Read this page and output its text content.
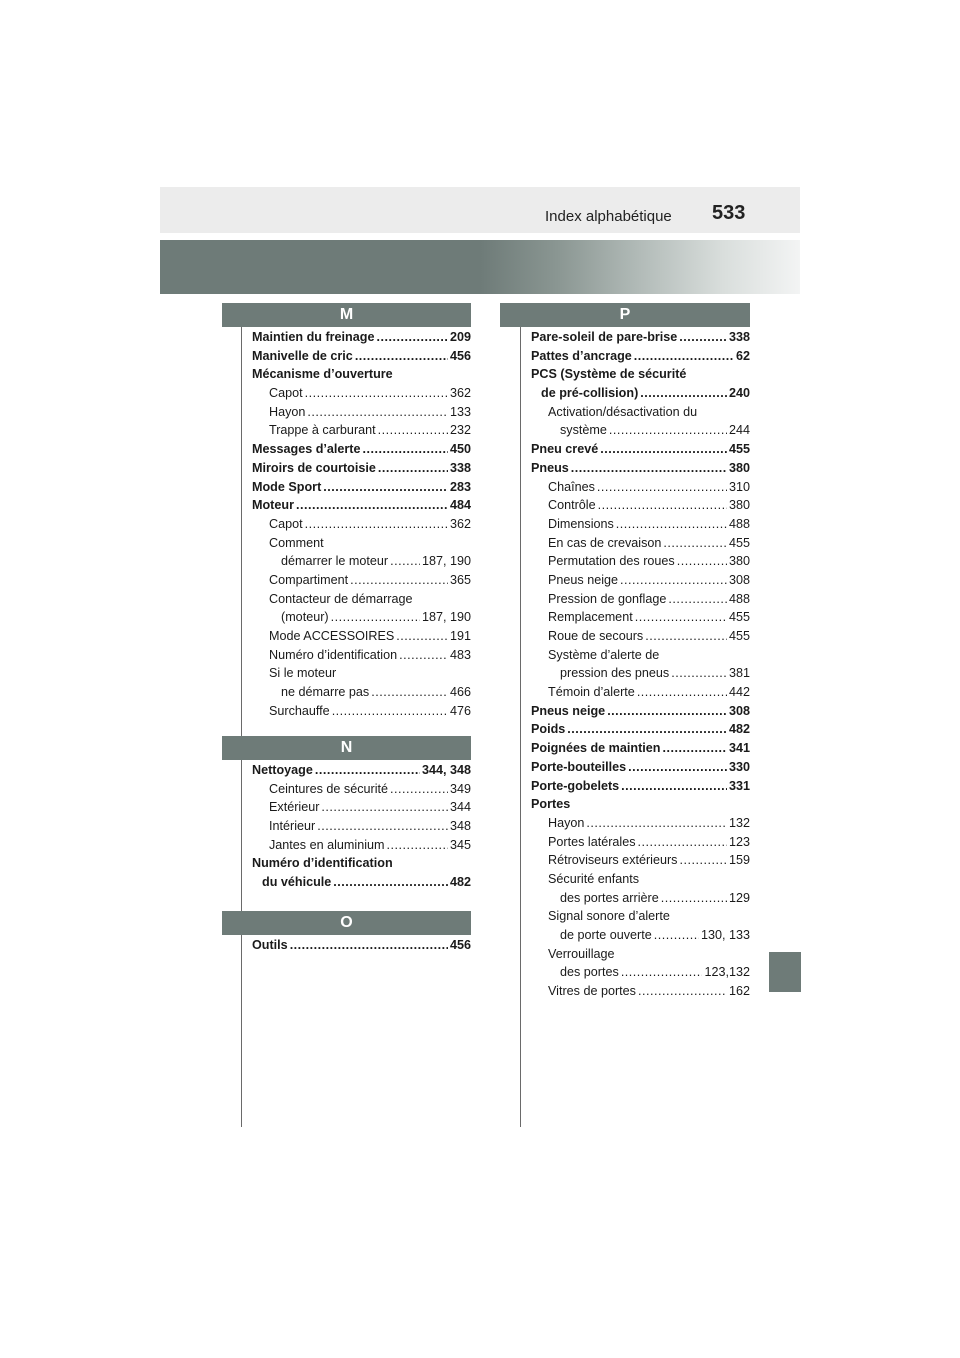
Index alphabétique 533
M
Maintien du freinage .....	209
Manivelle de cric .....	456
Mécanisme d’ouverture
Capot .....	362
Hayon .....	133
Trappe à carburant .....	232
Messages d’alerte .....	450
Miroirs de courtoisie .....	338
Mode Sport .....	283
Moteur .....	484
Capot .....	362
Comment
démarrer le moteur .....	187, 190
Compartiment .....	365
Contacteur de démarrage
(moteur) .....	187, 190
Mode ACCESSOIRES .....	191
Numéro d’identification .....	483
Si le moteur
ne démarre pas .....	466
Surchauffe .....	476
N
Nettoyage .....	344, 348
Ceintures de sécurité .....	349
Extérieur .....	344
Intérieur .....	348
Jantes en aluminium .....	345
Numéro d’identification
du véhicule .....	482
O
Outils .....	456
P
Pare-soleil de pare-brise .....	338
Pattes d’ancrage .....	62
PCS (Système de sécurité
de pré-collision) .....	240
Activation/désactivation du
système .....	244
Pneu crevé .....	455
Pneus .....	380
Chaînes .....	310
Contrôle .....	380
Dimensions .....	488
En cas de crevaison .....	455
Permutation des roues .....	380
Pneus neige .....	308
Pression de gonflage .....	488
Remplacement .....	455
Roue de secours .....	455
Système d’alerte de
pression des pneus .....	381
Témoin d’alerte .....	442
Pneus neige .....	308
Poids .....	482
Poignées de maintien .....	341
Porte-bouteilles .....	330
Porte-gobelets .....	331
Portes
Hayon .....	132
Portes latérales .....	123
Rétroviseurs extérieurs .....	159
Sécurité enfants
des portes arrière .....	129
Signal sonore d’alerte
de porte ouverte .....	130, 133
Verrouillage
des portes .....	123,132
Vitres de portes .....	162
